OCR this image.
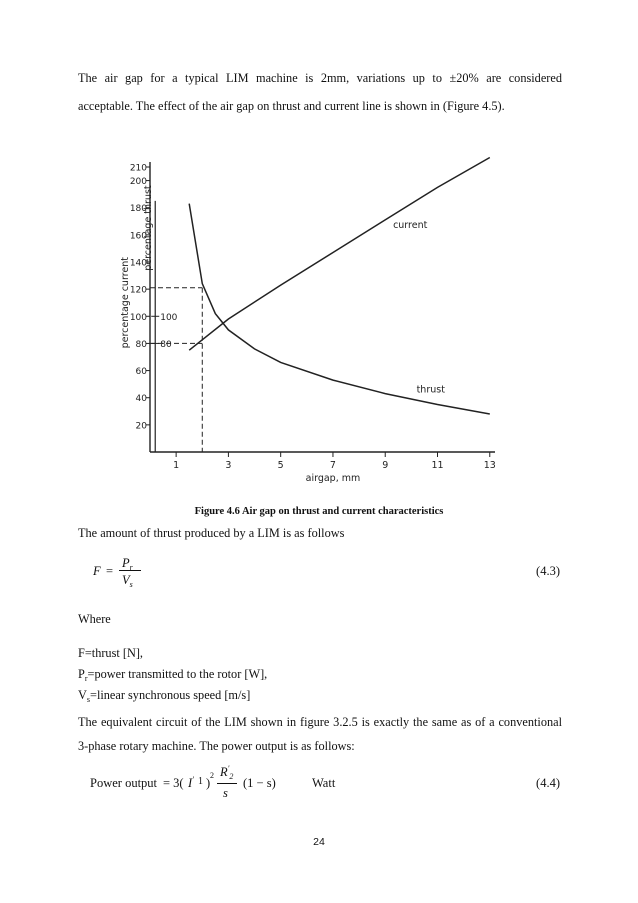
The air gap for a typical LIM machine is 2mm, variations up to ±20% are considered
acceptable. The effect of the air gap on thrust and current line is shown in (Figure 4.5).
20
40
60
80
100
120
140
160
180
200
210
80
100
1	3	5	7	9	11	13
airgap, mm
percentage current
percentage thrust	current
thrust
Figure 4.6 Air gap on thrust and current characteristics
The amount of thrust produced by a LIM is as follows
F =
$P_r$
$V_s$
(4.3)
Where
F=thrust [N],
$P_r=power$ transmitted to the rotor [W],
$V_s=linear$ synchronous speed [m/s]
The equivalent circuit of the LIM shown in figure 3.2.5 is exactly the same as of a conventional
3-phase rotary machine. The power output is as follows:
Power output = 3( I′ 1 )
2 $R'_2$
s
(1 − s)	Watt	(4.4)
24
